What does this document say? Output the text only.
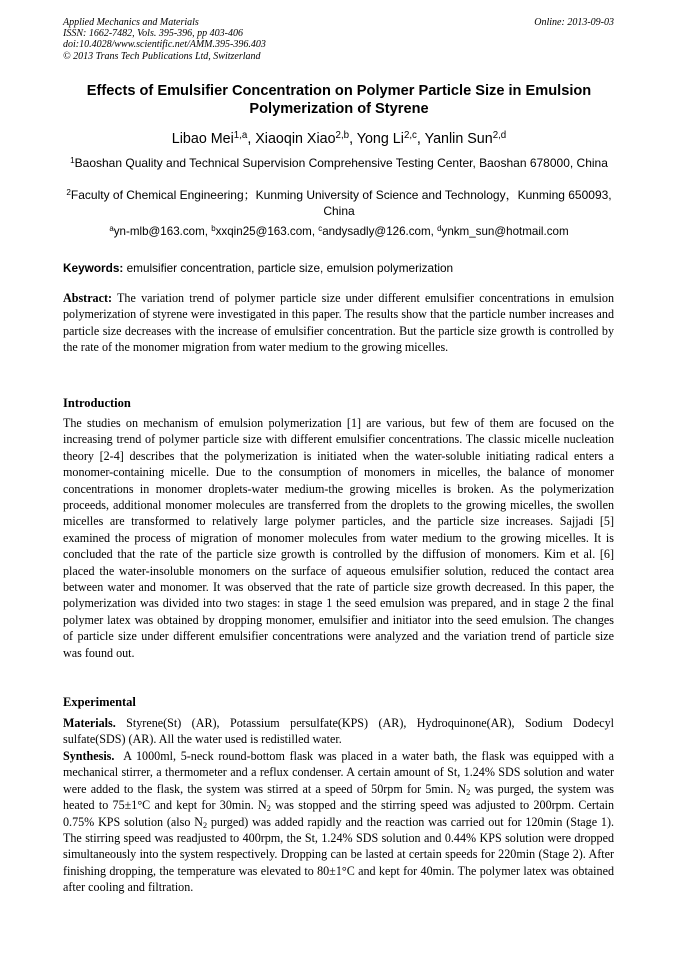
Applied Mechanics and Materials
ISSN: 1662-7482, Vols. 395-396, pp 403-406
doi:10.4028/www.scientific.net/AMM.395-396.403
© 2013 Trans Tech Publications Ltd, Switzerland
Online: 2013-09-03
Effects of Emulsifier Concentration on Polymer Particle Size in Emulsion Polymerization of Styrene
Libao Mei$^{1,a}$, Xiaoqin Xiao$^{2,b}$, Yong Li$^{2,c}$, Yanlin Sun$^{2,d}$
$^1$Baoshan Quality and Technical Supervision Comprehensive Testing Center, Baoshan 678000, China
$^2$Faculty of Chemical Engineering；Kunming University of Science and Technology，Kunming 650093, China
$^a$yn-mlb@163.com, $^b$xxqin25@163.com, $^c$andysadly@126.com, $^d$ynkm_sun@hotmail.com
Keywords: emulsifier concentration, particle size, emulsion polymerization
Abstract: The variation trend of polymer particle size under different emulsifier concentrations in emulsion polymerization of styrene were investigated in this paper. The results show that the particle number increases and particle size decreases with the increase of emulsifier concentration. But the particle size growth is controlled by the rate of the monomer migration from water medium to the growing micelles.
Introduction
The studies on mechanism of emulsion polymerization [1] are various, but few of them are focused on the increasing trend of polymer particle size with different emulsifier concentrations. The classic micelle nucleation theory [2-4] describes that the polymerization is initiated when the water-soluble initiating radical enters a monomer-containing micelle. Due to the consumption of monomers in micelles, the balance of monomer concentrations in monomer droplets-water medium-the growing micelles is broken. As the polymerization proceeds, additional monomer molecules are transferred from the droplets to the growing micelles, the swollen micelles are transformed to relatively large polymer particles, and the particle size increases. Sajjadi [5] examined the process of migration of monomer molecules from water medium to the growing micelles. It is concluded that the rate of the particle size growth is controlled by the diffusion of monomers. Kim et al. [6] placed the water-insoluble monomers on the surface of aqueous emulsifier solution, reduced the contact area between water and monomer. It was observed that the rate of particle size growth decreased. In this paper, the polymerization was divided into two stages: in stage 1 the seed emulsion was prepared, and in stage 2 the final polymer latex was obtained by dropping monomer, emulsifier and initiator into the seed emulsion. The changes of particle size under different emulsifier concentrations were analyzed and the variation trend of particle size was found out.
Experimental
Materials. Styrene(St) (AR), Potassium persulfate(KPS) (AR), Hydroquinone(AR), Sodium Dodecyl sulfate(SDS) (AR). All the water used is redistilled water.
Synthesis. A 1000ml, 5-neck round-bottom flask was placed in a water bath, the flask was equipped with a mechanical stirrer, a thermometer and a reflux condenser. A certain amount of St, 1.24% SDS solution and water were added to the flask, the system was stirred at a speed of 50rpm for 5min. $N_2$ was purged, the system was heated to 75±1°C and kept for 30min. $N_2$ was stopped and the stirring speed was adjusted to 200rpm. Certain 0.75% KPS solution (also $N_2$ purged) was added rapidly and the reaction was carried out for 120min (Stage 1). The stirring speed was readjusted to 400rpm, the St, 1.24% SDS solution and 0.44% KPS solution were dropped simultaneously into the system respectively. Dropping can be lasted at certain speeds for 220min (Stage 2). After finishing dropping, the temperature was elevated to 80±1°C and kept for 40min. The polymer latex was obtained after cooling and filtration.
